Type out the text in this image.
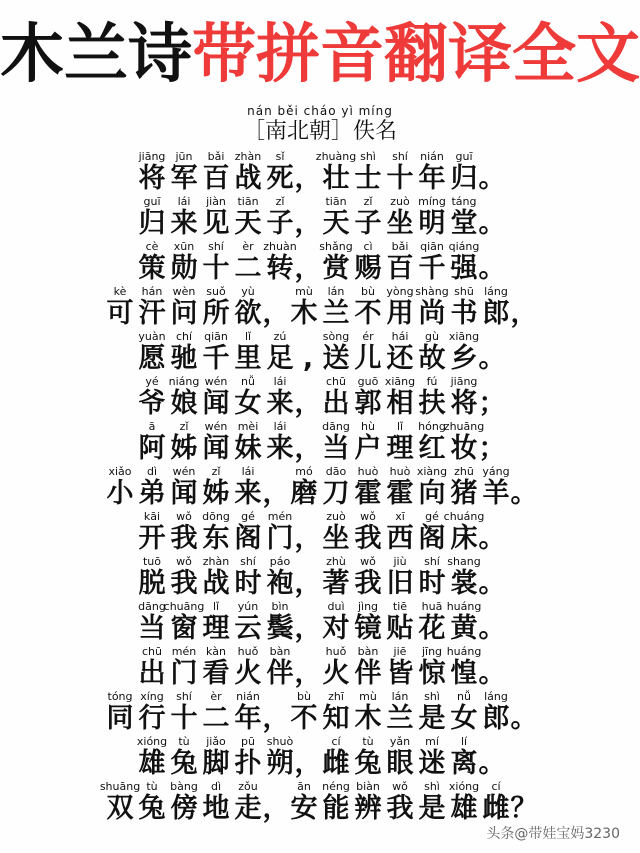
木兰诗带拼音翻译全文
nán běi cháo yì míng
［南北朝］佚名
jiāng
将
jūn
军
bǎi
百
zhàn
战
sǐ
死 ，
zhuàng
壮
shì
士
shí
十
nián
年
guī
归 。
guī
归
lái
来
jiàn
见
tiān
天
zǐ
子 ，
tiān
天
zǐ
子
zuò
坐
míng
明
táng
堂 。
cè
策
xūn
勋
shí
十
èr
二
zhuàn
转 ，
shǎng
赏
cì
赐
bǎi
百
qiān
千
qiáng
强 。
kè
可
hán
汗
wèn
问
suǒ
所
yù
欲 ，
mù
木
lán
兰
bù
不
yòng
用
shàng
尚
shū
书
láng
郎 ，
yuàn
愿
chí
驰
qiān
千
lǐ
里
zú
足 ,
sòng
送
ér
儿
hái
还
gù
故
xiāng
乡 。
yé
爷
niáng
娘
wén
闻
nǚ
女
lái
来 ，
chū
出
guō
郭
xiāng
相
fú
扶
jiāng
将 ；
ā
阿
zǐ
姊
wén
闻
mèi
妹
lái
来 ，
dāng
当
hù
户
lǐ
理
hóng
红
zhuāng
妆 ；
xiǎo
小
dì
弟
wén
闻
zǐ
姊
lái
来 ，
mó
磨
dāo
刀
huò
霍
huò
霍
xiàng
向
zhū
猪
yáng
羊 。
kāi
开
wǒ
我
dōng
东
gé
阁
mén
门 ，
zuò
坐
wǒ
我
xī
西
gé
阁
chuáng
床 。
tuō
脱
wǒ
我
zhàn
战
shí
时
páo
袍 ，
zhù
著
wǒ
我
jiù
旧
shí
时
shang
裳 。
dāng
当
chuāng
窗
lǐ
理
yún
云
bìn
鬓 ，
duì
对
jìng
镜
tiē
贴
huā
花
huáng
黄 。
chū
出
mén
门
kàn
看
huǒ
火
bàn
伴 ，
huǒ
火
bàn
伴
jiē
皆
jīng
惊
huáng
惶 。
tóng
同
xíng
行
shí
十
èr
二
nián
年 ，
bù
不
zhī
知
mù
木
lán
兰
shì
是
nǚ
女
láng
郎 。
xióng
雄
tù
兔
jiǎo
脚
pū
扑
shuò
朔 ，
cí
雌
tù
兔
yǎn
眼
mí
迷
lí
离 。
shuāng
双
tù
兔
bàng
傍
dì
地
zǒu
走 ，
ān
安
néng
能
biàn
辨
wǒ
我
shì
是
xióng
雄
cí
雌 ？
头条@带娃宝妈3230
